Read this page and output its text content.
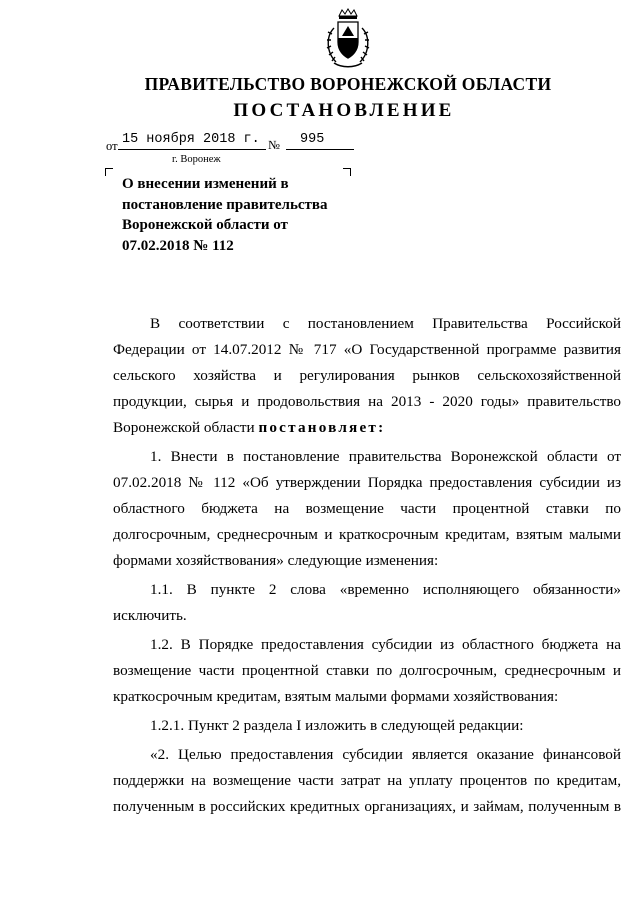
ПРАВИТЕЛЬСТВО ВОРОНЕЖСКОЙ ОБЛАСТИ
ПОСТАНОВЛЕНИЕ
от 15 ноября 2018 г. №	995
г. Воронеж
О внесении изменений в
постановление правительства
Воронежской области от
07.02.2018 № 112

В соответствии с постановлением Правительства Российской
Федерации от 14.07.2012 № 717 «О Государственной программе развития
сельского хозяйства и регулирования рынков сельскохозяйственной
продукции, сырья и продовольствия на 2013 - 2020 годы» правительство
Воронежской области постановляет:

1. Внести в постановление правительства Воронежской области от
07.02.2018 № 112 «Об утверждении Порядка предоставления субсидии из
областного бюджета на возмещение части процентной ставки по
долгосрочным, среднесрочным и краткосрочным кредитам, взятым малыми
формами хозяйствования» следующие изменения:

1.1. В пункте 2 слова «временно исполняющего обязанности»
исключить.

1.2. В Порядке предоставления субсидии из областного бюджета на
возмещение части процентной ставки по долгосрочным, среднесрочным и
краткосрочным кредитам, взятым малыми формами хозяйствования:

1.2.1. Пункт 2 раздела I изложить в следующей редакции:

«2. Целью предоставления субсидии является оказание финансовой
поддержки на возмещение части затрат на уплату процентов по кредитам,
полученным в российских кредитных организациях, и займам, полученным в
